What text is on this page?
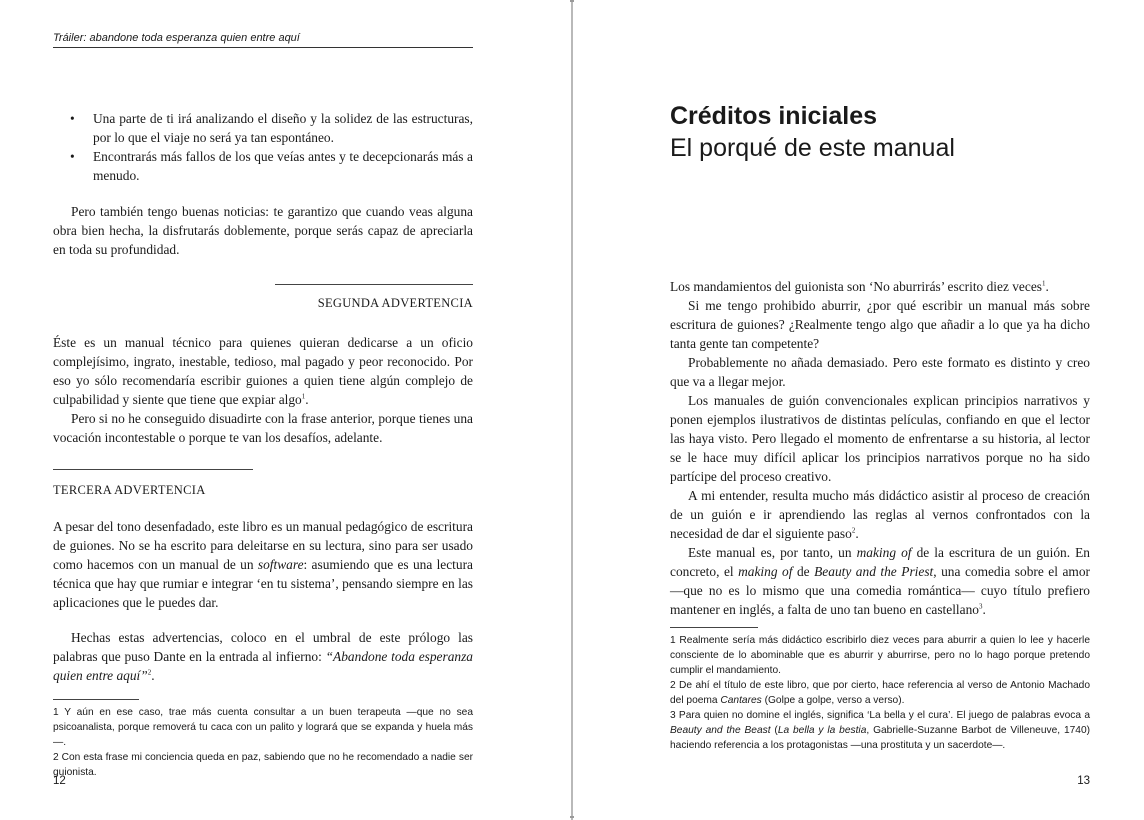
Tráiler: abandone toda esperanza quien entre aquí
• Una parte de ti irá analizando el diseño y la solidez de las estructuras, por lo que el viaje no será ya tan espontáneo.
• Encontrarás más fallos de los que veías antes y te decepcionarás más a menudo.

Pero también tengo buenas noticias: te garantizo que cuando veas alguna obra bien hecha, la disfrutarás doblemente, porque serás capaz de apreciarla en toda su profundidad.

SEGUNDA ADVERTENCIA

Éste es un manual técnico para quienes quieran dedicarse a un oficio complejísimo, ingrato, inestable, tedioso, mal pagado y peor reconocido. Por eso yo sólo recomendaría escribir guiones a quien tiene algún complejo de culpabilidad y siente que tiene que expiar algo$^1$.

Pero si no he conseguido disuadirte con la frase anterior, porque tienes una vocación incontestable o porque te van los desafíos, adelante.

TERCERA ADVERTENCIA

A pesar del tono desenfadado, este libro es un manual pedagógico de escritura de guiones. No se ha escrito para deleitarse en su lectura, sino para ser usado como hacemos con un manual de un software: asumiendo que es una lectura técnica que hay que rumiar e integrar ‘en tu sistema’, pensando siempre en las aplicaciones que le puedes dar.

Hechas estas advertencias, coloco en el umbral de este prólogo las palabras que puso Dante en la entrada al infierno: “Abandone toda esperanza quien entre aquí”$^2$.

1 Y aún en ese caso, trae más cuenta consultar a un buen terapeuta —que no sea psicoanalista, porque removerá tu caca con un palito y logrará que se expanda y huela más—.

2 Con esta frase mi conciencia queda en paz, sabiendo que no he recomendado a nadie ser guionista.

12
Créditos iniciales
El porqué de este manual

Los mandamientos del guionista son ‘No aburrirás’ escrito diez veces$^1$.

Si me tengo prohibido aburrir, ¿por qué escribir un manual más sobre escritura de guiones? ¿Realmente tengo algo que añadir a lo que ya ha dicho tanta gente tan competente?

Probablemente no añada demasiado. Pero este formato es distinto y creo que va a llegar mejor.

Los manuales de guión convencionales explican principios narrativos y ponen ejemplos ilustrativos de distintas películas, confiando en que el lector las haya visto. Pero llegado el momento de enfrentarse a su historia, al lector se le hace muy difícil aplicar los principios narrativos porque no ha sido partícipe del proceso creativo.

A mi entender, resulta mucho más didáctico asistir al proceso de creación de un guión e ir aprendiendo las reglas al vernos confrontados con la necesidad de dar el siguiente paso$^2$.

Este manual es, por tanto, un making of de la escritura de un guión. En concreto, el making of de Beauty and the Priest, una comedia sobre el amor —que no es lo mismo que una comedia romántica— cuyo título prefiero mantener en inglés, a falta de uno tan bueno en castellano$^3$.

1 Realmente sería más didáctico escribirlo diez veces para aburrir a quien lo lee y hacerle consciente de lo abominable que es aburrir y aburrirse, pero no lo hago porque pretendo cumplir el mandamiento.

2 De ahí el título de este libro, que por cierto, hace referencia al verso de Antonio Machado del poema Cantares (Golpe a golpe, verso a verso).

3 Para quien no domine el inglés, significa ‘La bella y el cura’. El juego de palabras evoca a Beauty and the Beast (La bella y la bestia, Gabrielle-Suzanne Barbot de Villeneuve, 1740) haciendo referencia a los protagonistas —una prostituta y un sacerdote—.

13
